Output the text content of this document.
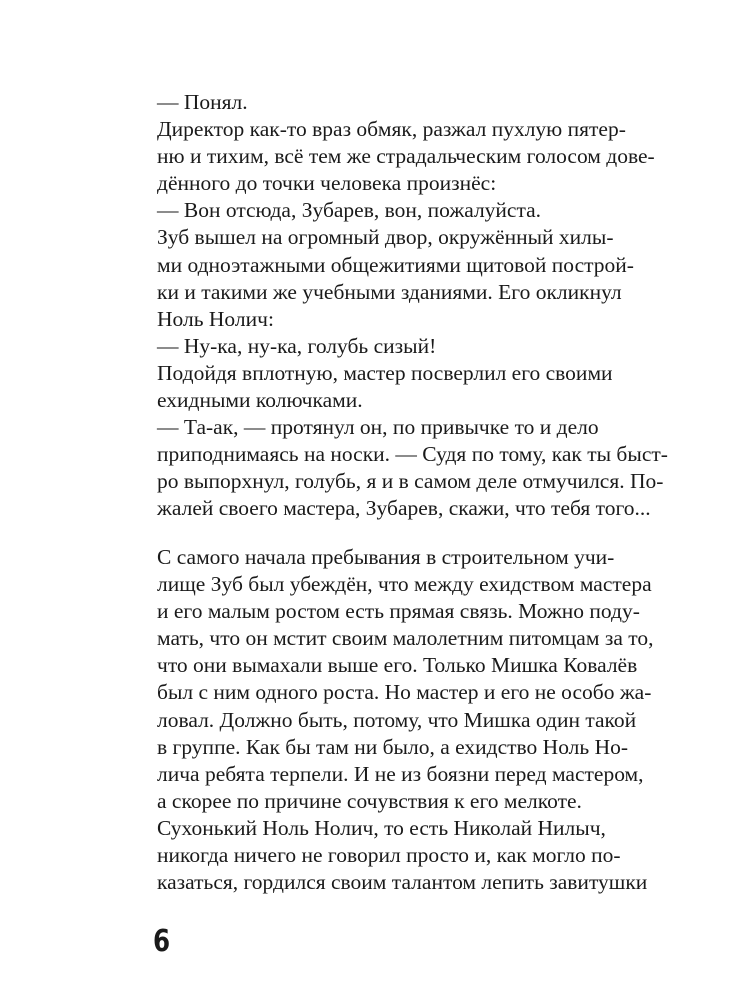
— Понял.
Директор как-то враз обмяк, разжал пухлую пятер-
ню и тихим, всё тем же страдальческим голосом дове-
дённого до точки человека произнёс:
— Вон отсюда, Зубарев, вон, пожалуйста.
Зуб вышел на огромный двор, окружённый хилы-
ми одноэтажными общежитиями щитовой построй-
ки и такими же учебными зданиями. Его окликнул
Ноль Нолич:
— Ну-ка, ну-ка, голубь сизый!
Подойдя вплотную, мастер посверлил его своими
ехидными колючками.
— Та-ак, — протянул он, по привычке то и дело
приподнимаясь на носки. — Судя по тому, как ты быст-
ро выпорхнул, голубь, я и в самом деле отмучился. По-
жалей своего мастера, Зубарев, скажи, что тебя того...
С самого начала пребывания в строительном учи-
лище Зуб был убеждён, что между ехидством мастера
и его малым ростом есть прямая связь. Можно поду-
мать, что он мстит своим малолетним питомцам за то,
что они вымахали выше его. Только Мишка Ковалёв
был с ним одного роста. Но мастер и его не особо жа-
ловал. Должно быть, потому, что Мишка один такой
в группе. Как бы там ни было, а ехидство Ноль Но-
лича ребята терпели. И не из боязни перед мастером,
а скорее по причине сочувствия к его мелкоте.
Сухонький Ноль Нолич, то есть Николай Нилыч,
никогда ничего не говорил просто и, как могло по-
казаться, гордился своим талантом лепить завитушки
6
